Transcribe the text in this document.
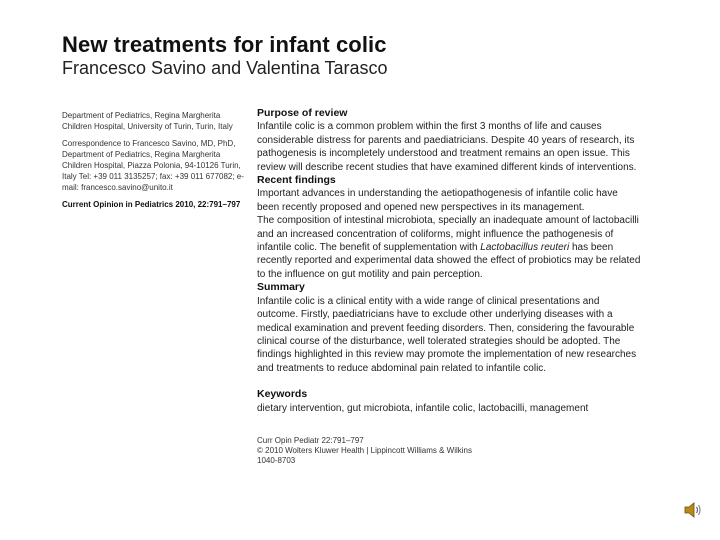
New treatments for infant colic
Francesco Savino and Valentina Tarasco

Department of Pediatrics, Regina Margherita Children Hospital, University of Turin, Turin, Italy

Correspondence to Francesco Savino, MD, PhD, Department of Pediatrics, Regina Margherita Children Hospital, Piazza Polonia, 94-10126 Turin, Italy Tel: +39 011 3135257; fax: +39 011 677082; e-mail: francesco.savino@unito.it

Current Opinion in Pediatrics 2010, 22:791–797

Purpose of review

Infantile colic is a common problem within the first 3 months of life and causes considerable distress for parents and paediatricians. Despite 40 years of research, its pathogenesis is incompletely understood and treatment remains an open issue. This review will describe recent studies that have examined different kinds of interventions.

Recent findings

Important advances in understanding the aetiopathogenesis of infantile colic have been recently proposed and opened new perspectives in its management.

The composition of intestinal microbiota, specially an inadequate amount of lactobacilli and an increased concentration of coliforms, might influence the pathogenesis of infantile colic. The benefit of supplementation with Lactobacillus reuteri has been recently reported and experimental data showed the effect of probiotics may be related to the influence on gut motility and pain perception.

Summary

Infantile colic is a clinical entity with a wide range of clinical presentations and outcome. Firstly, paediatricians have to exclude other underlying diseases with a medical examination and prevent feeding disorders. Then, considering the favourable clinical course of the disturbance, well tolerated strategies should be adopted. The findings highlighted in this review may promote the implementation of new researches and treatments to reduce abdominal pain related to infantile colic.

Keywords

dietary intervention, gut microbiota, infantile colic, lactobacilli, management

Curr Opin Pediatr 22:791–797
© 2010 Wolters Kluwer Health | Lippincott Williams & Wilkins
1040-8703
